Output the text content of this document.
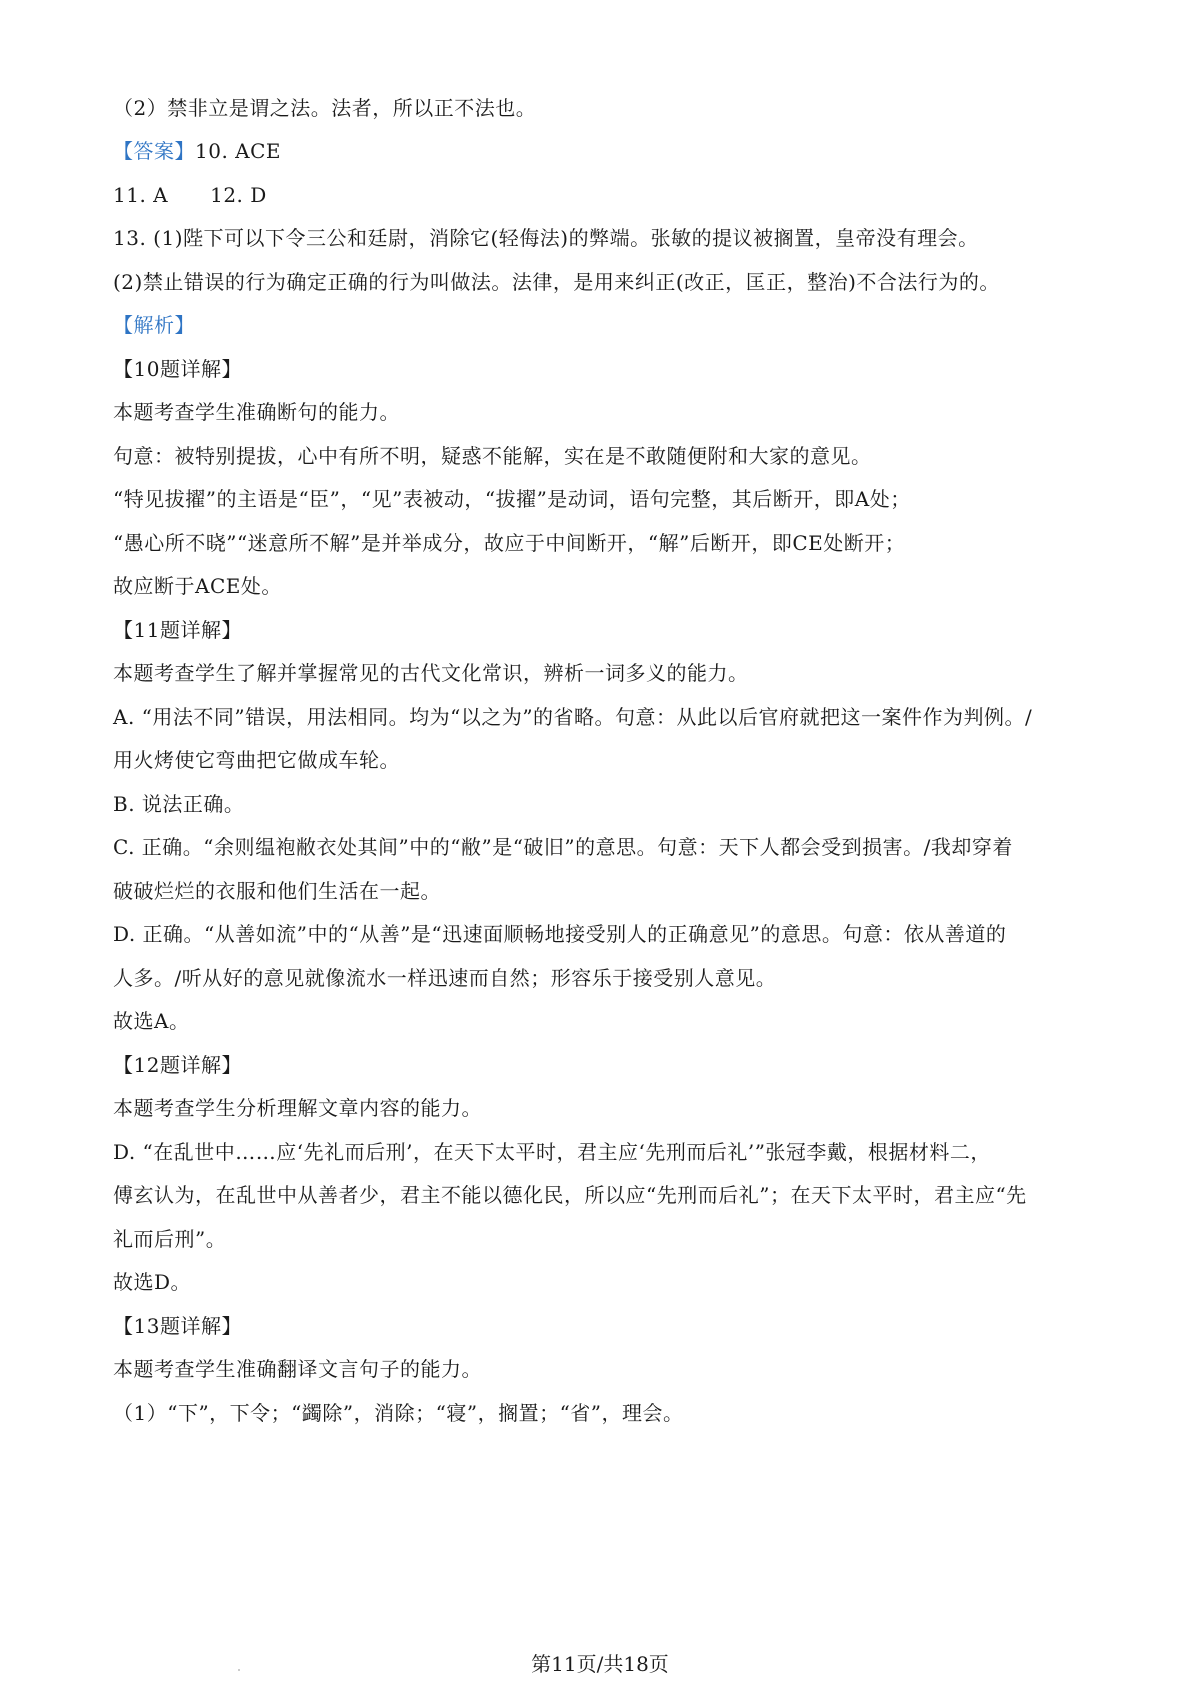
（2）禁非立是谓之法。法者，所以正不法也。
【答案】10. ACE
11. A 12. D
13. (1)陛下可以下令三公和廷尉，消除它(轻侮法)的弊端。张敏的提议被搁置，皇帝没有理会。
(2)禁止错误的行为确定正确的行为叫做法。法律，是用来纠正(改正，匡正，整治)不合法行为的。
【解析】
【10题详解】
本题考查学生准确断句的能力。
句意：被特别提拔，心中有所不明，疑惑不能解，实在是不敢随便附和大家的意见。
“特见拔擢”的主语是“臣”，“见”表被动，“拔擢”是动词，语句完整，其后断开，即A处；
“愚心所不晓”“迷意所不解”是并举成分，故应于中间断开，“解”后断开，即CE处断开；
故应断于ACE处。
【11题详解】
本题考查学生了解并掌握常见的古代文化常识，辨析一词多义的能力。
A. “用法不同”错误，用法相同。均为“以之为”的省略。句意：从此以后官府就把这一案件作为判例。/
用火烤使它弯曲把它做成车轮。
B. 说法正确。
C. 正确。“余则缊袍敝衣处其间”中的“敝”是“破旧”的意思。句意：天下人都会受到损害。/我却穿着
破破烂烂的衣服和他们生活在一起。
D. 正确。“从善如流”中的“从善”是“迅速面顺畅地接受别人的正确意见”的意思。句意：依从善道的
人多。/听从好的意见就像流水一样迅速而自然；形容乐于接受别人意见。
故选A。
【12题详解】
本题考查学生分析理解文章内容的能力。
D. “在乱世中……应‘先礼而后刑’，在天下太平时，君主应‘先刑而后礼’”张冠李戴，根据材料二，
傅玄认为，在乱世中从善者少，君主不能以德化民，所以应“先刑而后礼”；在天下太平时，君主应“先
礼而后刑”。
故选D。
【13题详解】
本题考查学生准确翻译文言句子的能力。
（1）“下”，下令；“蠲除”，消除；“寝”，搁置；“省”，理会。
第11页/共18页
